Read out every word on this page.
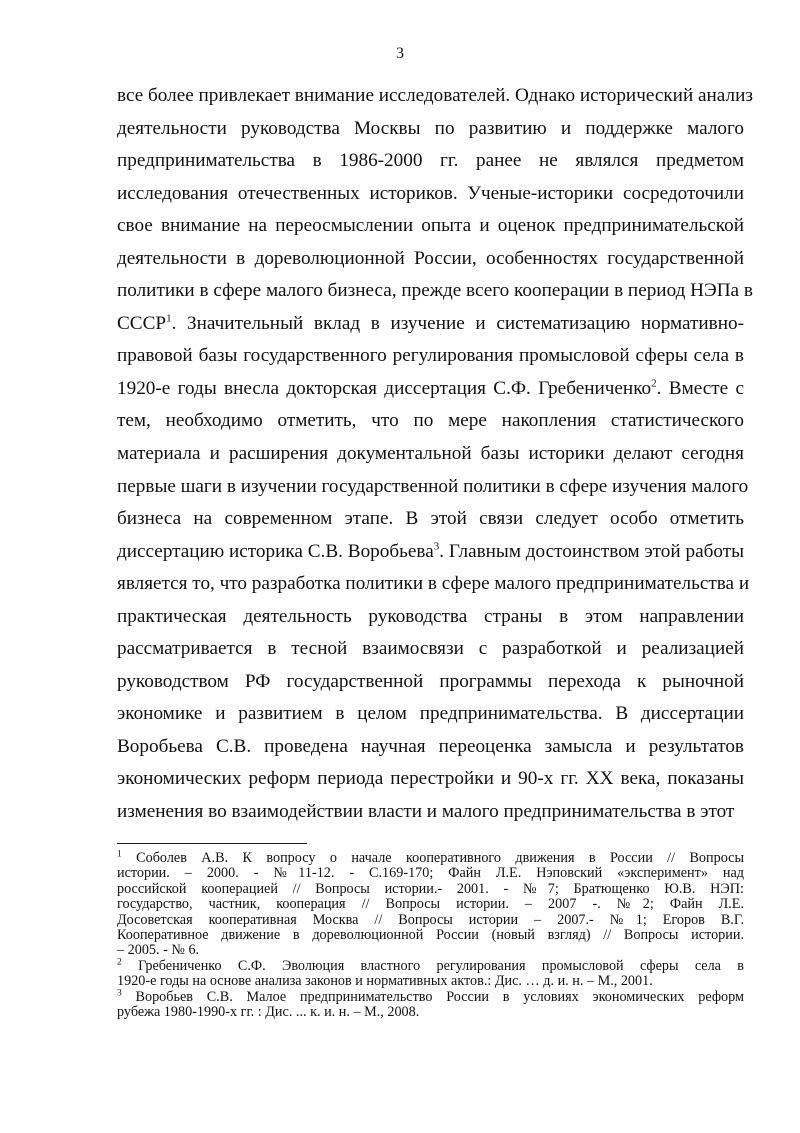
3
все более привлекает внимание исследователей. Однако исторический анализ
деятельности руководства Москвы по развитию и поддержке малого
предпринимательства в 1986-2000 гг. ранее не являлся предметом
исследования отечественных историков. Ученые-историки сосредоточили
свое внимание на переосмыслении опыта и оценок предпринимательской
деятельности в дореволюционной России, особенностях государственной
политики в сфере малого бизнеса, прежде всего кооперации в период НЭПа в
СССР$^1$. Значительный вклад в изучение и систематизацию нормативно-
правовой базы государственного регулирования промысловой сферы села в
1920-е годы внесла докторская диссертация С.Ф. Гребениченко$^2$. Вместе с
тем, необходимо отметить, что по мере накопления статистического
материала и расширения документальной базы историки делают сегодня
первые шаги в изучении государственной политики в сфере изучения малого
бизнеса на современном этапе. В этой связи следует особо отметить
диссертацию историка С.В. Воробьева$^3$. Главным достоинством этой работы
является то, что разработка политики в сфере малого предпринимательства и
практическая деятельность руководства страны в этом направлении
рассматривается в тесной взаимосвязи с разработкой и реализацией
руководством РФ государственной программы перехода к рыночной
экономике и развитием в целом предпринимательства. В диссертации
Воробьева С.В. проведена научная переоценка замысла и результатов
экономических реформ периода перестройки и 90-х гг. XX века, показаны
изменения во взаимодействии власти и малого предпринимательства в этот
$^1$ Соболев А.В. К вопросу о начале кооперативного движения в России // Вопросы
истории. – 2000. - №11-12. - С.169-170; Файн Л.Е. Нэповский «эксперимент» над
российской кооперацией // Вопросы истории.- 2001. - №7; Братющенко Ю.В. НЭП:
государство, частник, кооперация // Вопросы истории. – 2007 -. №2; Файн Л.Е.
Досоветская кооперативная Москва // Вопросы истории – 2007.- №1; Егоров В.Г.
Кооперативное движение в дореволюционной России (новый взгляд) // Вопросы истории.
– 2005. - № 6.
$^2$ Гребениченко С.Ф. Эволюция властного регулирования промысловой сферы села в
1920-е годы на основе анализа законов и нормативных актов.: Дис. … д. и. н. – М., 2001.
$^3$ Воробьев С.В. Малое предпринимательство России в условиях экономических реформ
рубежа 1980-1990-х гг. : Дис. ... к. и. н. – М., 2008.
